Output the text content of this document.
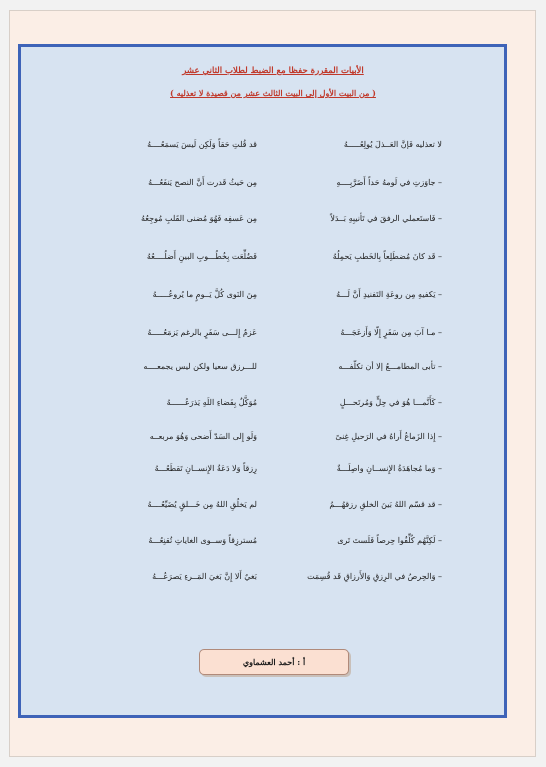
الأبيات المقررة حفظا مع الضبط لطلاب الثاني عشر
( من البيت الأول إلى البيت الثالث عشر من قصيدة لا تعذليه )
لا تعذليه فَإنَّ العَــذلَ يُولِعُـــــهُ
قد قُلتِ حَقاً وَلَكِن لَيسَ يَسمَعُــــهُ
– جاوَزتِ في لَومهُ حَداً أَضَرَّبِــــهِ
مِن حَيثُ قَدرت أَنَّ النصح يَنفَعُـــهُ
– فَاستَعملي الرفقَ في تَأنيبِهِ بَــدَلاً
مِن عَسفِه فَهُوَ مُضنى القَلبِ مُوجِعُهُ
– قَد كانَ مُضطَلِعاً بِالخَطبِ يَحمِلُهُ
فَضُلِّعَت بِخُطُـــوبِ البينِ أَضلُــــعُهُ
– يَكفيهِ مِن روعَةِ التَفنيدِ أَنَّ لَـــهُ
مِنَ النَوى كُلَّ يَــومٍ ما يُروعُـــــهُ
– مـا آبَ مِن سَفَرٍ إِلّا وَأَزعَجَـــهُ
عَزمٌ إِلـــى سَفَرٍ بالرغم يَزمَعُـــــهُ
– تأبى المطامـــعُ إلا أن تكلّفـــه
للـــرزق سعيا ولكن ليس يجمعــــه
– كَأَنَّمـــا هُوَ في حِلٍّ وَمُرتَحـــلٍ
مُوَكَّلٌ بِفَضاءِ اللَهِ يَذرَعُــــــهُ
– إِذا الزَماعُ أَراهُ في الرَحيلِ غِنىً
وَلَو إِلى السَدّ أَضحى وَهُوَ مربعــه
– وَما مُجاهَدَةُ الإِنســانِ واصِلَـــةٌ
رِزقاً وَلا دَعَةُ الإِنســانِ تَقطَعُـــهُ
– قد قسّم اللهُ بَينَ الخلقِ رزقهُـــمُ
لم يَخلُقِ اللهُ مِن خَـــلقٍ يُضَيِّعُــــهُ
– لَكِنَّهُم كُلِّفُوا حِرصاً فَلَستَ تَرى
مُسترزِقاً وَســوى الغاياتِ تُقنِعُـــهُ
– وَالحِرصُ في الرِزقِ وَالأَرزاقِ قَد قُسِمَت
بَغيٌ أَلا إِنَّ بَغيَ المَــرءِ يَصرَعُـــهُ
أ : أحمد العشماوي
